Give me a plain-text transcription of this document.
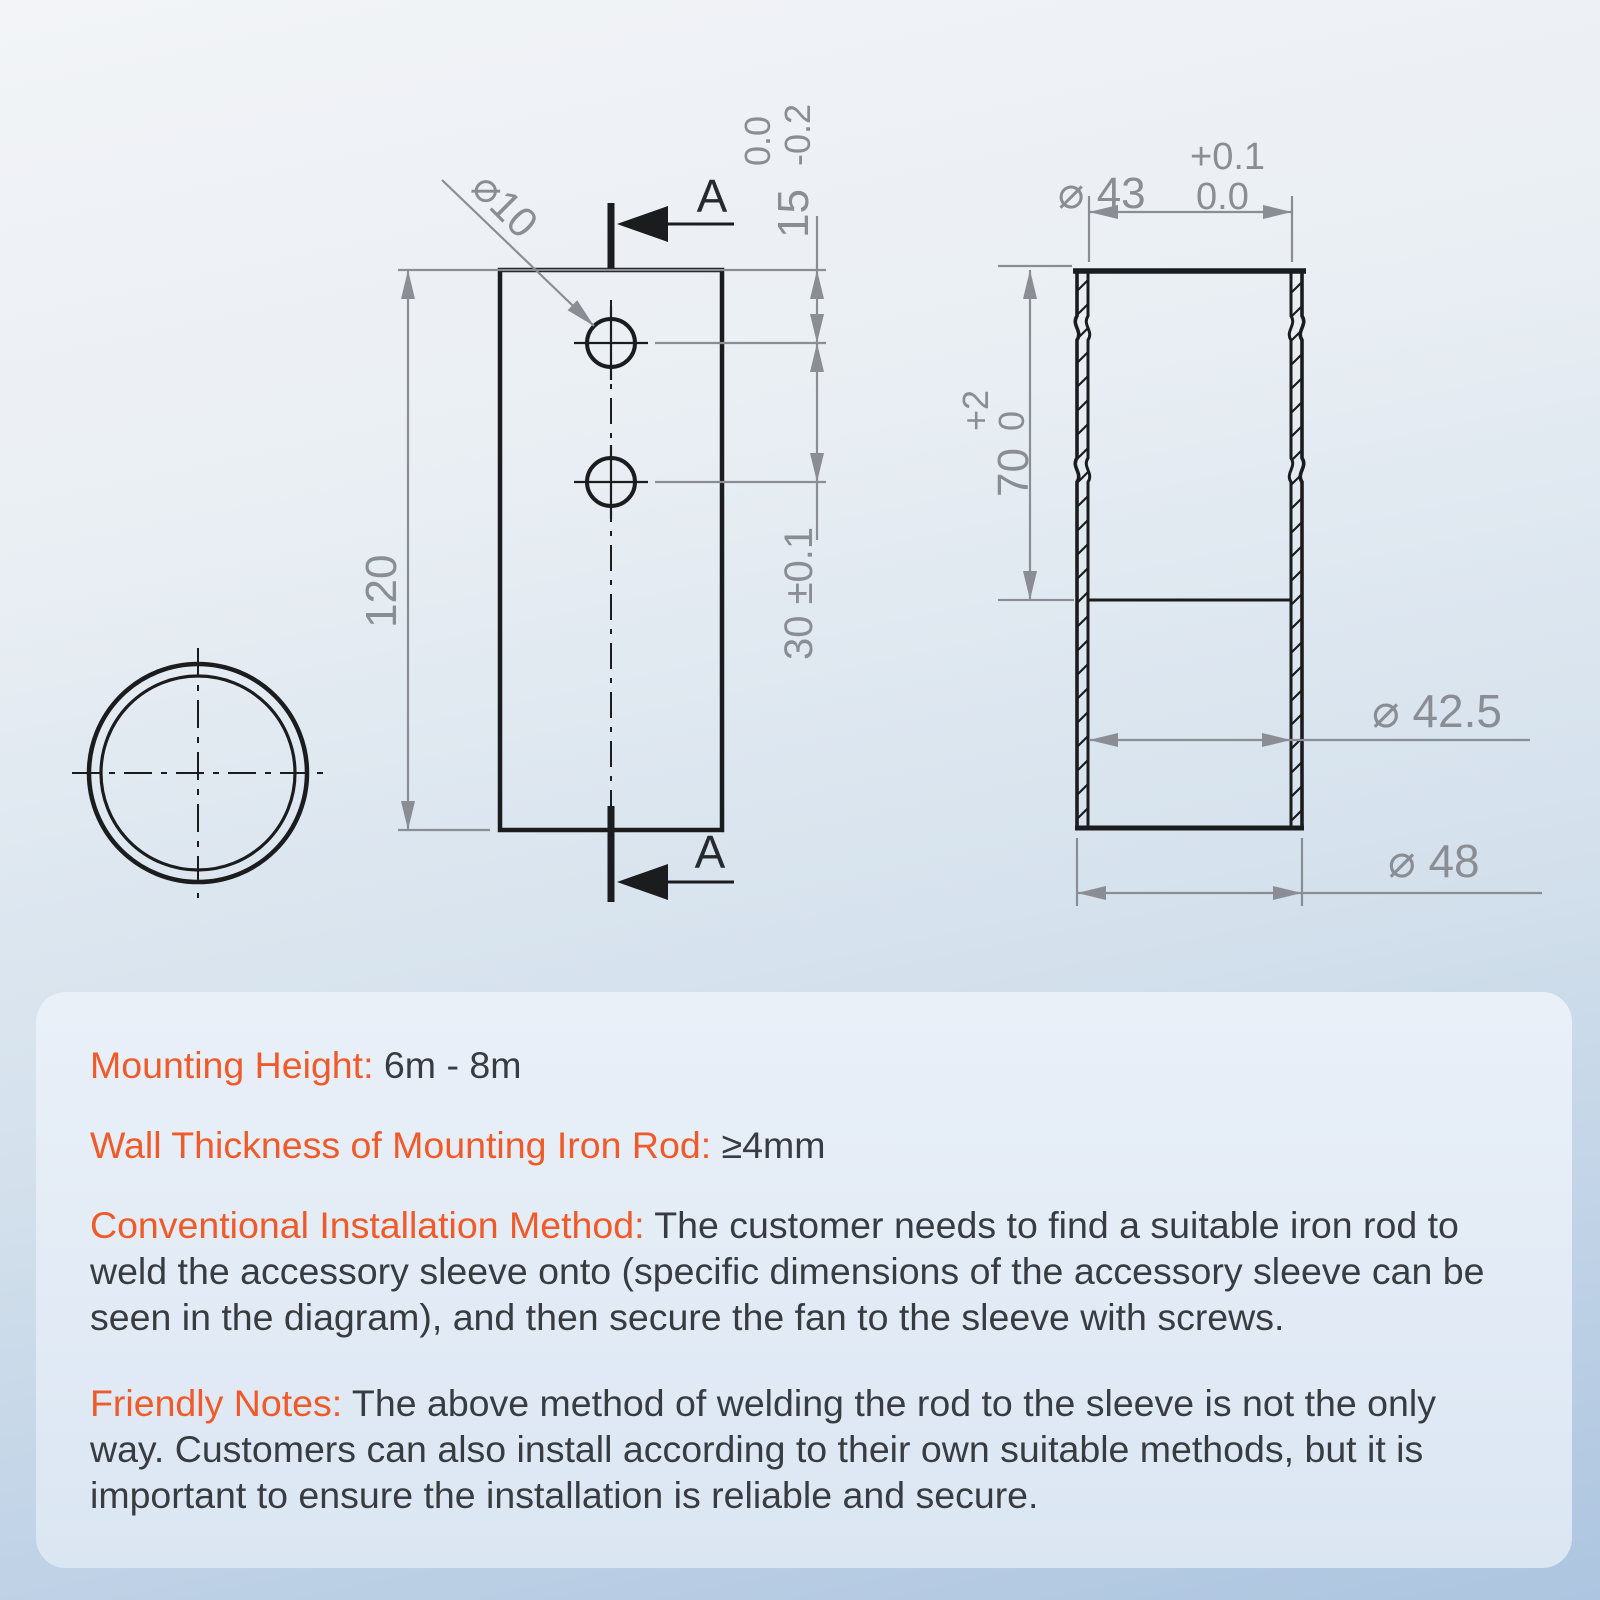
A
A
⌀10
120
15
0.0 -0.2
30 ±0.1
⌀ 43
+0.1
0.0
70
+2
0
⌀ 42.5
⌀ 48

Mounting Height: 6m - 8m

Wall Thickness of Mounting Iron Rod: ≥4mm

Conventional Installation Method: The customer needs to find a suitable iron rod to weld the accessory sleeve onto (specific dimensions of the accessory sleeve can be seen in the diagram), and then secure the fan to the sleeve with screws.

Friendly Notes: The above method of welding the rod to the sleeve is not the only way. Customers can also install according to their own suitable methods, but it is important to ensure the installation is reliable and secure.
